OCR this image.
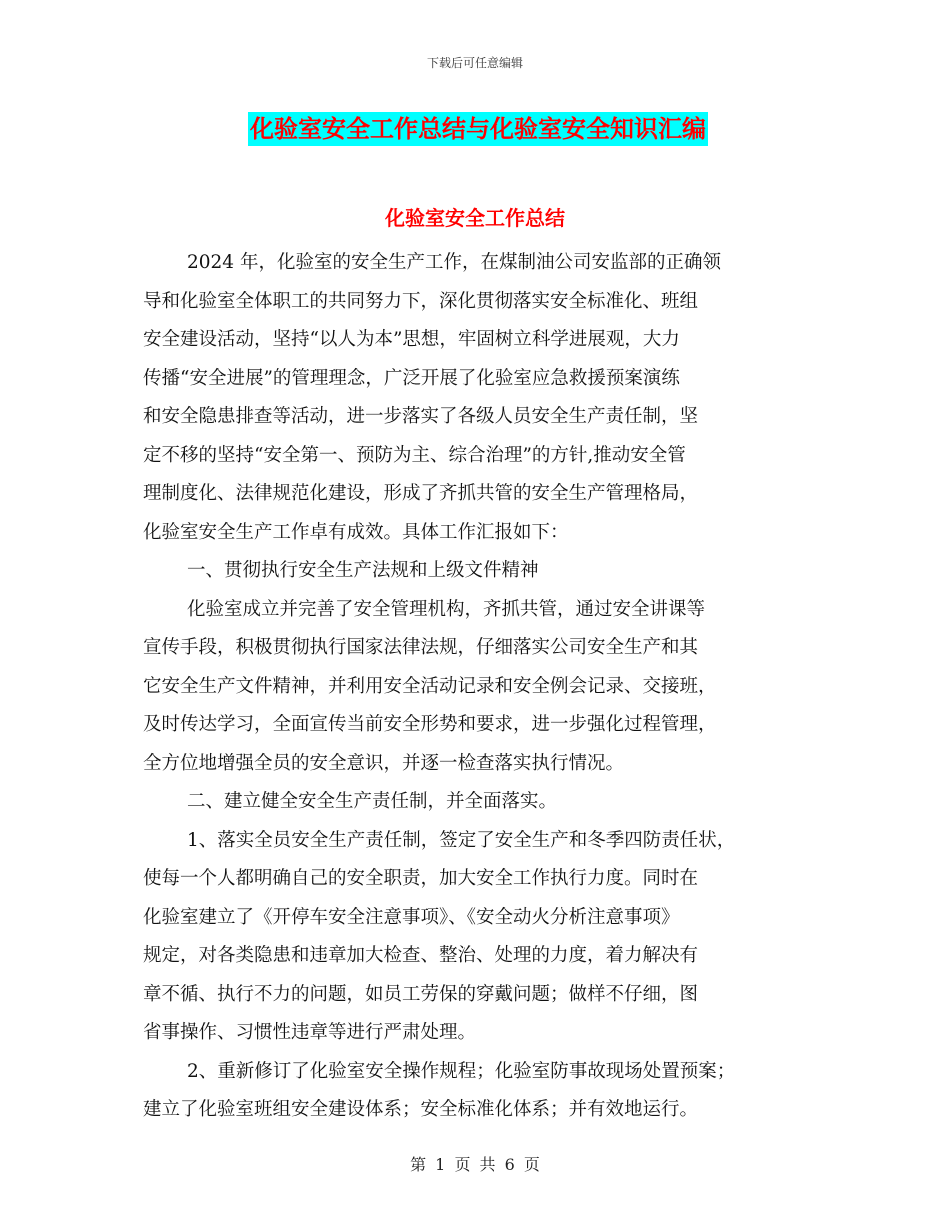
下载后可任意编辑
化验室安全工作总结与化验室安全知识汇编
化验室安全工作总结
2024 年，化验室的安全生产工作，在煤制油公司安监部的正确领
导和化验室全体职工的共同努力下，深化贯彻落实安全标准化、班组
安全建设活动，坚持“以人为本”思想，牢固树立科学进展观，大力
传播“安全进展”的管理理念，广泛开展了化验室应急救援预案演练
和安全隐患排查等活动，进一步落实了各级人员安全生产责任制，坚
定不移的坚持“安全第一、预防为主、综合治理”的方针,推动安全管
理制度化、法律规范化建设，形成了齐抓共管的安全生产管理格局，
化验室安全生产工作卓有成效。具体工作汇报如下：
一、贯彻执行安全生产法规和上级文件精神
化验室成立并完善了安全管理机构，齐抓共管，通过安全讲课等
宣传手段，积极贯彻执行国家法律法规，仔细落实公司安全生产和其
它安全生产文件精神，并利用安全活动记录和安全例会记录、交接班，
及时传达学习，全面宣传当前安全形势和要求，进一步强化过程管理，
全方位地增强全员的安全意识，并逐一检查落实执行情况。
二、建立健全安全生产责任制，并全面落实。
1、落实全员安全生产责任制，签定了安全生产和冬季四防责任状，
使每一个人都明确自己的安全职责，加大安全工作执行力度。同时在
化验室建立了《开停车安全注意事项》、《安全动火分析注意事项》
规定，对各类隐患和违章加大检查、整治、处理的力度，着力解决有
章不循、执行不力的问题，如员工劳保的穿戴问题；做样不仔细，图
省事操作、习惯性违章等进行严肃处理。
2、重新修订了化验室安全操作规程；化验室防事故现场处置预案；
建立了化验室班组安全建设体系；安全标准化体系；并有效地运行。
第 1 页 共 6 页
